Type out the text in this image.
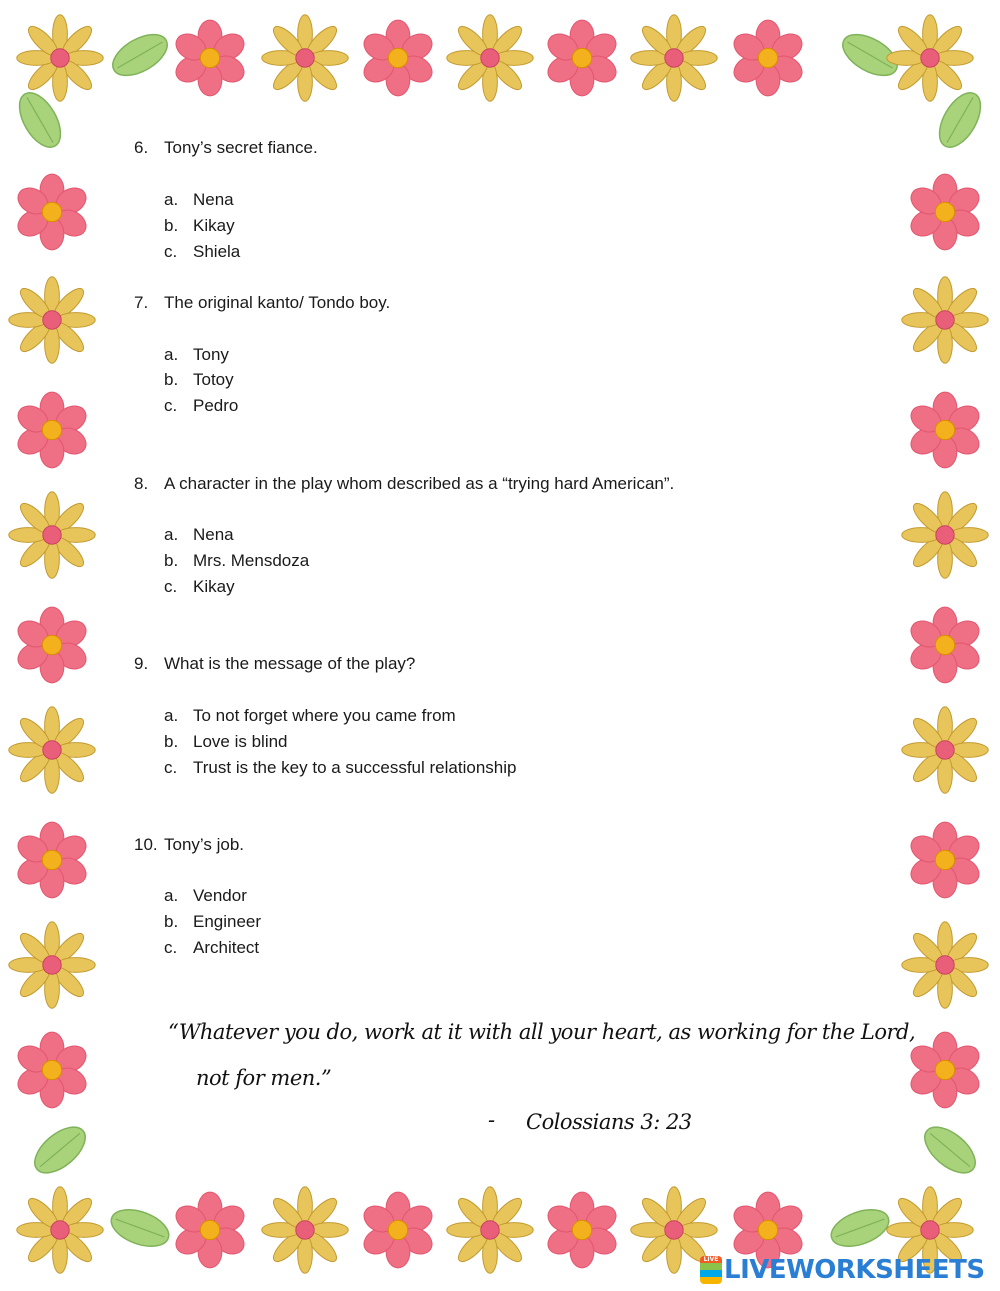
6. Tony’s secret fiance.
a. Nena
b. Kikay
c. Shiela
7. The original kanto/ Tondo boy.
a. Tony
b. Totoy
c. Pedro
8. A character in the play whom described as a “trying hard American”.
a. Nena
b. Mrs. Mensdoza
c. Kikay
9. What is the message of the play?
a. To not forget where you came from
b. Love is blind
c. Trust is the key to a successful relationship
10. Tony’s job.
a. Vendor
b. Engineer
c. Architect
“Whatever you do, work at it with all your heart, as working for the Lord,
not for men.”
- Colossians 3: 23
LIVE LIVEWORKSHEETS
